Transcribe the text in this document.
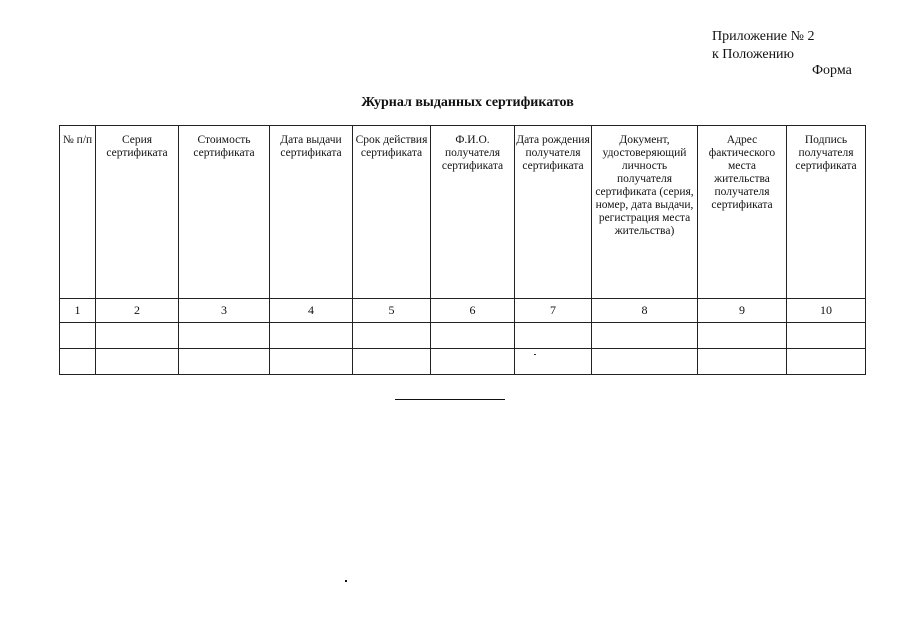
Приложение № 2
к Положению
Форма
Журнал выданных сертификатов
№ п/п	Серия сертификата	Стоимость сертификата	Дата выдачи сертификата	Срок действия сертификата	Ф.И.О. получателя сертификата	Дата рождения получателя сертификата	Документ, удостоверяющий личность получателя сертификата (серия, номер, дата выдачи, регистрация места жительства)	Адрес фактического места жительства получателя сертификата	Подпись получателя сертификата

1	2	3	4	5	6	7	8	9	10
